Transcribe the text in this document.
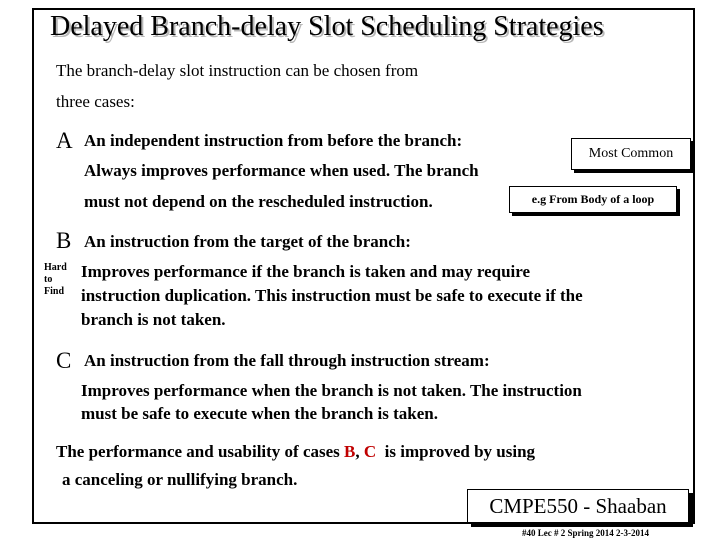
Delayed Branch-delay Slot Scheduling Strategies
The branch-delay slot instruction can be chosen from
three cases:
A An independent instruction from before the branch:
Always improves performance when used. The branch
must not depend on the rescheduled instruction.
Most Common
e.g From Body of a loop
B An instruction from the target of the branch:
Hard
to
Find
Improves performance if the branch is taken and may require
instruction duplication. This instruction must be safe to execute if the
branch is not taken.
C An instruction from the fall through instruction stream:
Improves performance when the branch is not taken. The instruction
must be safe to execute when the branch is taken.
The performance and usability of cases B, C is improved by using
a canceling or nullifying branch.
CMPE550 - Shaaban
#40 Lec # 2 Spring 2014 2-3-2014
